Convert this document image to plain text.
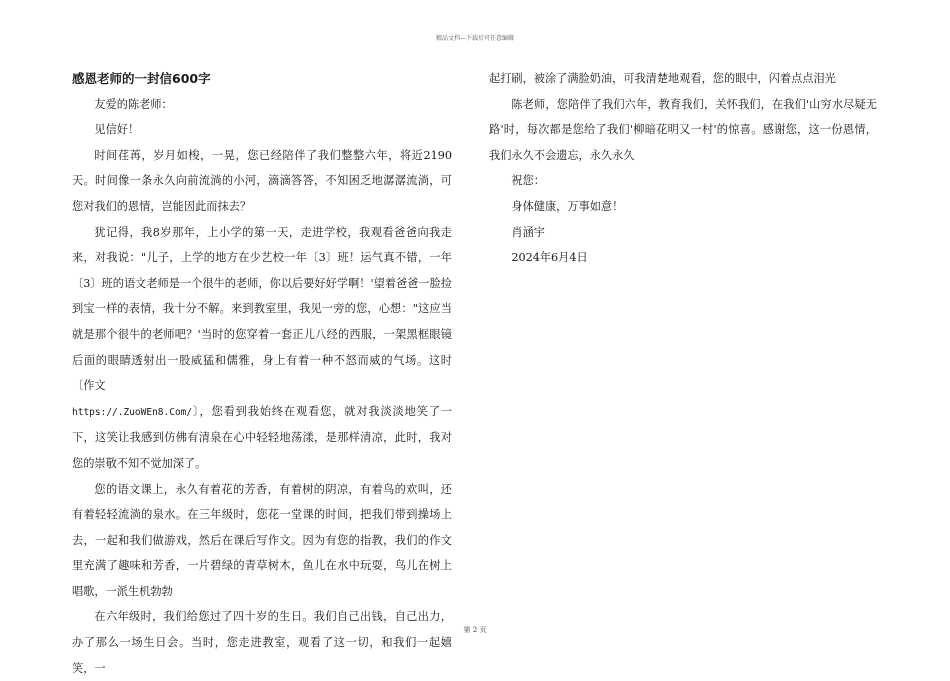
精品文档---下载后可任意编辑
感恩老师的一封信600字

友爱的陈老师：

见信好！

时间荏苒，岁月如梭，一晃，您已经陪伴了我们整整六年，将近2190天。时间像一条永久向前流淌的小河，滴滴答答，不知困乏地潺潺流淌，可您对我们的恩情，岂能因此而抹去？

犹记得，我8岁那年，上小学的第一天，走进学校，我观看爸爸向我走来，对我说："儿子，上学的地方在少艺校一年〔3〕班！运气真不错，一年〔3〕班的语文老师是一个很牛的老师，你以后要好好学啊！'望着爸爸一脸捡到宝一样的表情，我十分不解。来到教室里，我见一旁的您，心想："这应当就是那个很牛的老师吧？'当时的您穿着一套正儿八经的西服，一架黑框眼镜后面的眼睛透射出一股威猛和儒雅，身上有着一种不怒而威的气场。这时〔作文
https://.ZuoWEn8.Com/〕，您看到我始终在观看您，就对我淡淡地笑了一下，这笑让我感到仿佛有清泉在心中轻轻地荡漾，是那样清凉，此时，我对您的崇敬不知不觉加深了。

您的语文课上，永久有着花的芳香，有着树的阴凉，有着鸟的欢叫，还有着轻轻流淌的泉水。在三年级时，您花一堂课的时间，把我们带到操场上去，一起和我们做游戏，然后在课后写作文。因为有您的指教，我们的作文里充满了趣味和芳香，一片碧绿的青草树木，鱼儿在水中玩耍，鸟儿在树上唱歌，一派生机勃勃

在六年级时，我们给您过了四十岁的生日。我们自己出钱，自己出力，办了那么一场生日会。当时，您走进教室，观看了这一切，和我们一起嬉笑，一

起打刷，被涂了满脸奶油，可我清楚地观看，您的眼中，闪着点点泪光

陈老师，您陪伴了我们六年，教育我们，关怀我们，在我们'山穷水尽疑无路'时，每次都是您给了我们'柳暗花明又一村'的惊喜。感谢您，这一份恩情，我们永久不会遗忘，永久永久

祝您：

身体健康，万事如意！

肖涵宇

2024年6月4日

第 2 页
